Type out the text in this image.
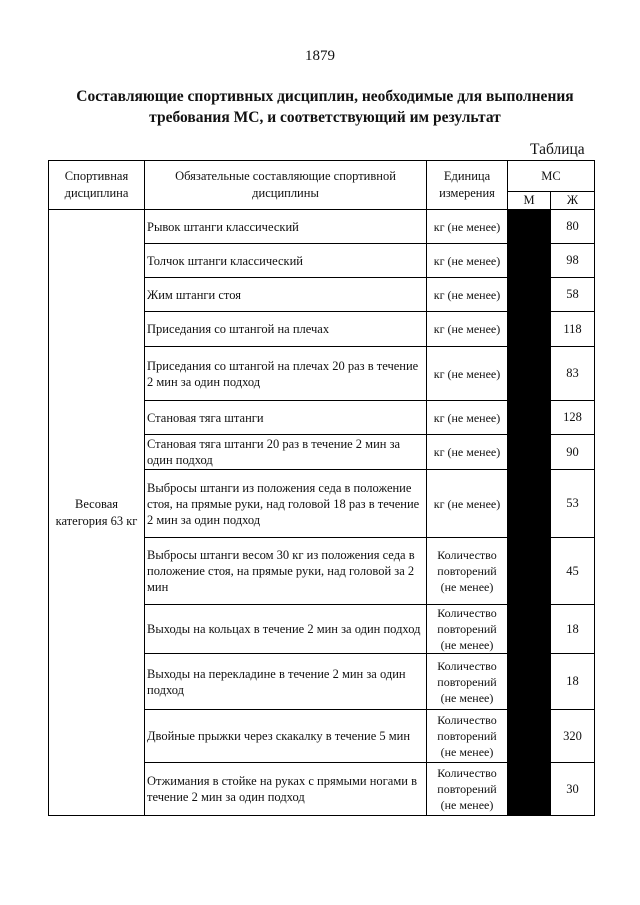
1879
Составляющие спортивных дисциплин, необходимые для выполнения
требования МС, и соответствующий им результат
Таблица
Спортивная дисциплина	Обязательные составляющие спортивной дисциплины	Единица измерения	МС	
			М	Ж
Весовая категория 63 кг	Рывок штанги классический	кг (не менее)		80
	Толчок штанги классический	кг (не менее)		98
	Жим штанги стоя	кг (не менее)		58
	Приседания со штангой на плечах	кг (не менее)		118
	Приседания со штангой на плечах 20 раз в течение 2 мин за один подход	кг (не менее)		83
	Становая тяга штанги	кг (не менее)		128
	Становая тяга штанги 20 раз в течение 2 мин за один подход	кг (не менее)		90
	Выбросы штанги из положения седа в положение стоя, на прямые руки, над головой 18 раз в течение 2 мин за один подход	кг (не менее)		53
	Выбросы штанги весом 30 кг из положения седа в положение стоя, на прямые руки, над головой за 2 мин	Количество повторений (не менее)		45
	Выходы на кольцах в течение 2 мин за один подход	Количество повторений (не менее)		18
	Выходы на перекладине в течение 2 мин за один подход	Количество повторений (не менее)		18
	Двойные прыжки через скакалку в течение 5 мин	Количество повторений (не менее)		320
	Отжимания в стойке на руках с прямыми ногами в течение 2 мин за один подход	Количество повторений (не менее)		30
